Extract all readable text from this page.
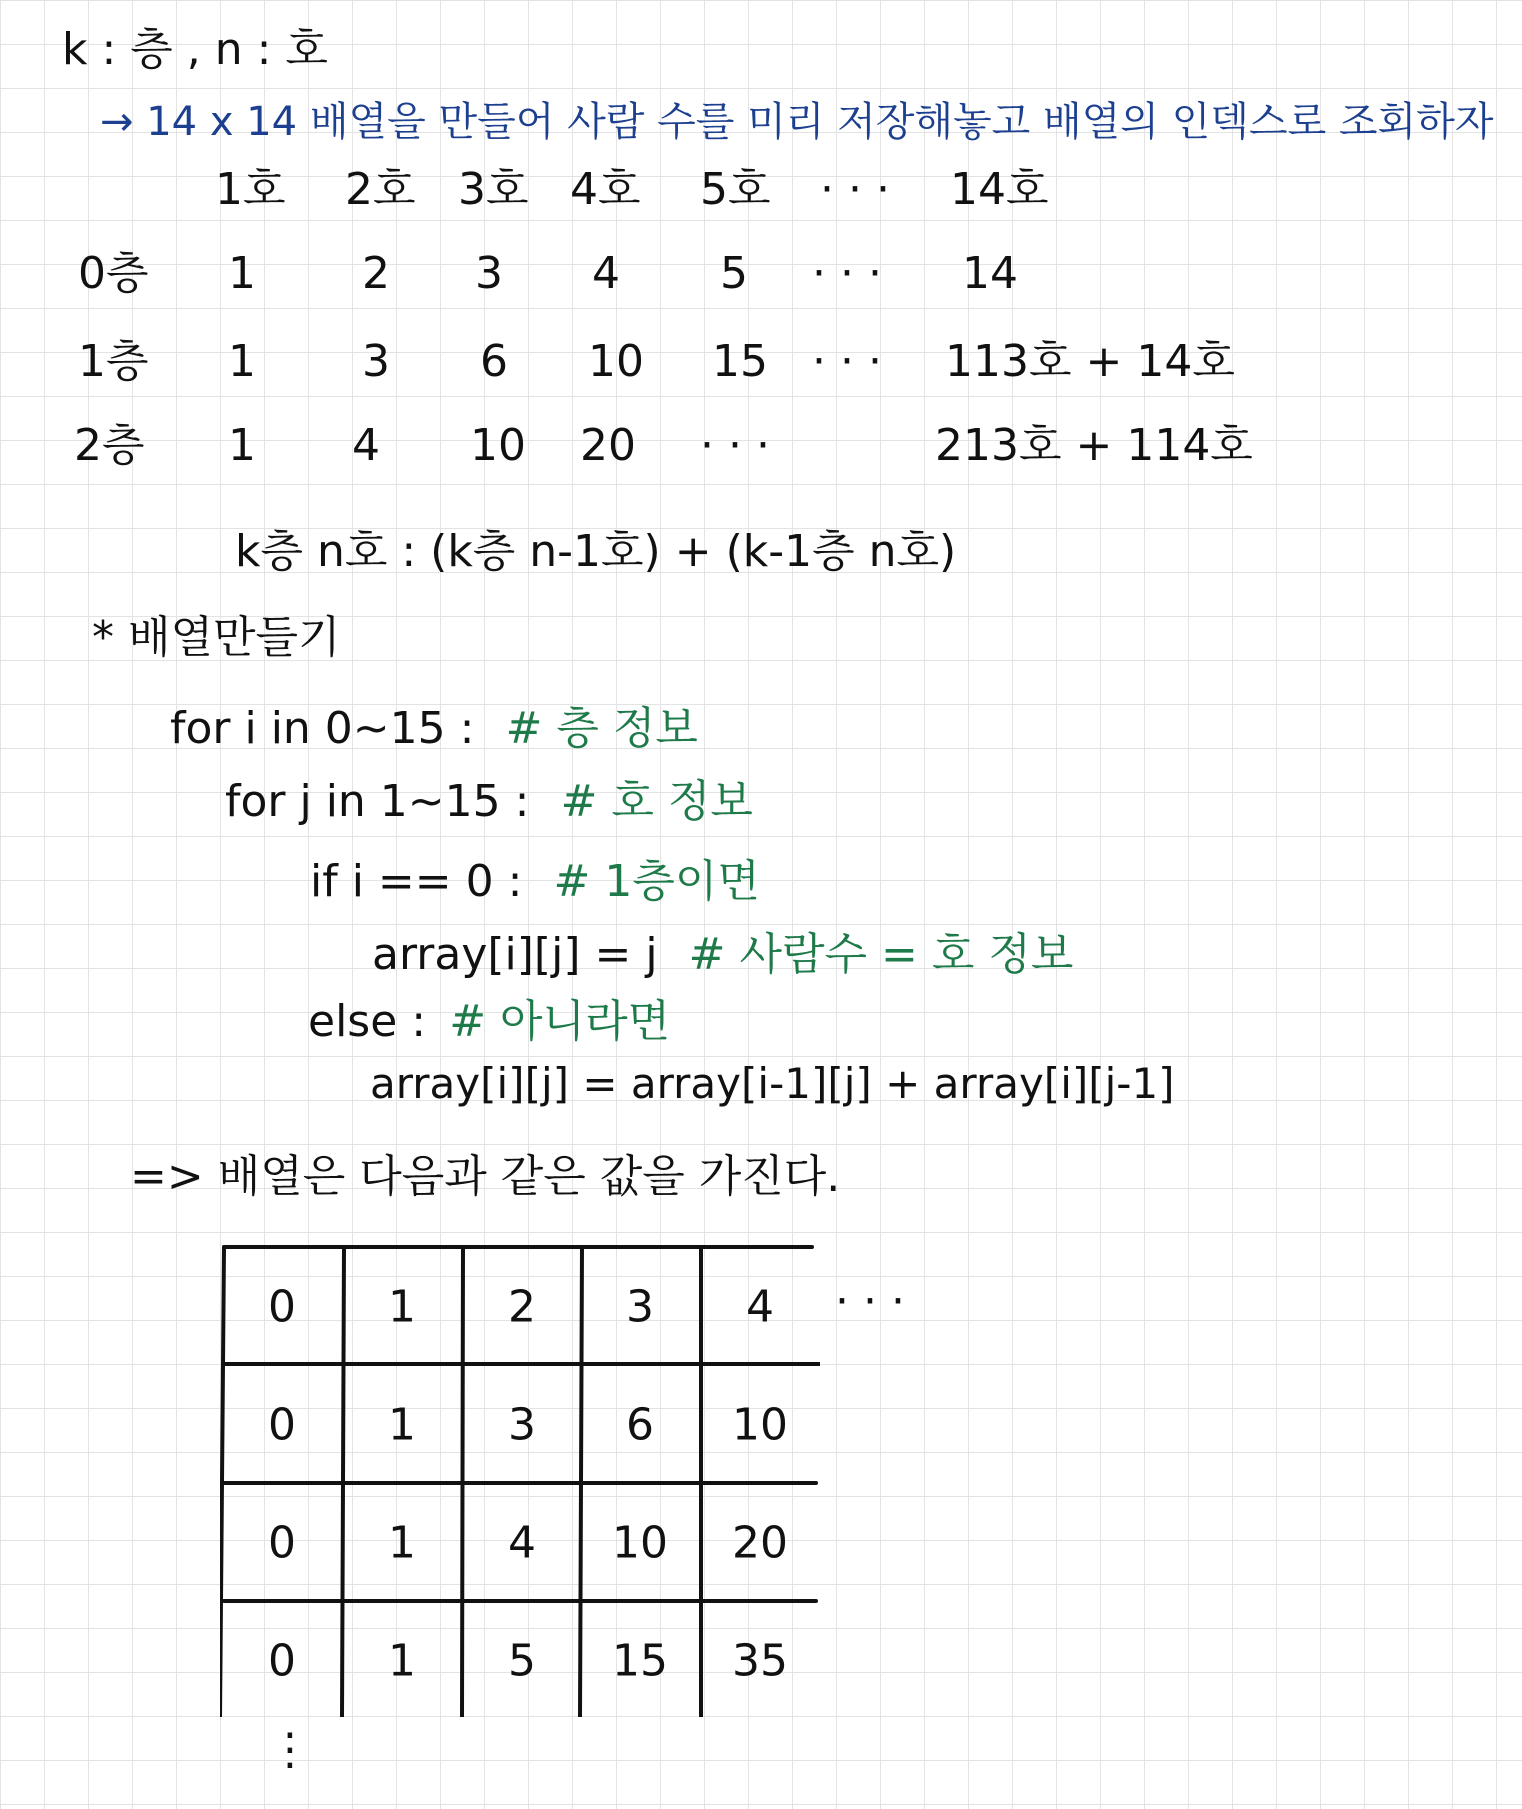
k : 층 , n : 호
→ 14 x 14 배열을 만들어 사람 수를 미리 저장해놓고 배열의 인덱스로 조회하자
1호 2호 3호 4호 5호 · · · 14호
0층 1 2 3 4 5 · · · 14
1층 1 3 6 10 15 · · · 113호 + 14호
2층 1 4 10 20 · · ·	213호 + 114호
k층 n호 : (k층 n-1호) + (k-1층 n호)
* 배열만들기
for i in 0~15 : # 층 정보
for j in 1~15 : # 호 정보
if i == 0 : # 1층이면
array[i][j] = j # 사람수 = 호 정보
else : # 아니라면
array[i][j] = array[i-1][j] + array[i][j-1]
=> 배열은 다음과 같은 값을 가진다.
0 1 2 3 4
0 1 3 6 10
0 1 4 10 20
0 1 5 15 35
· · ·
⋮
